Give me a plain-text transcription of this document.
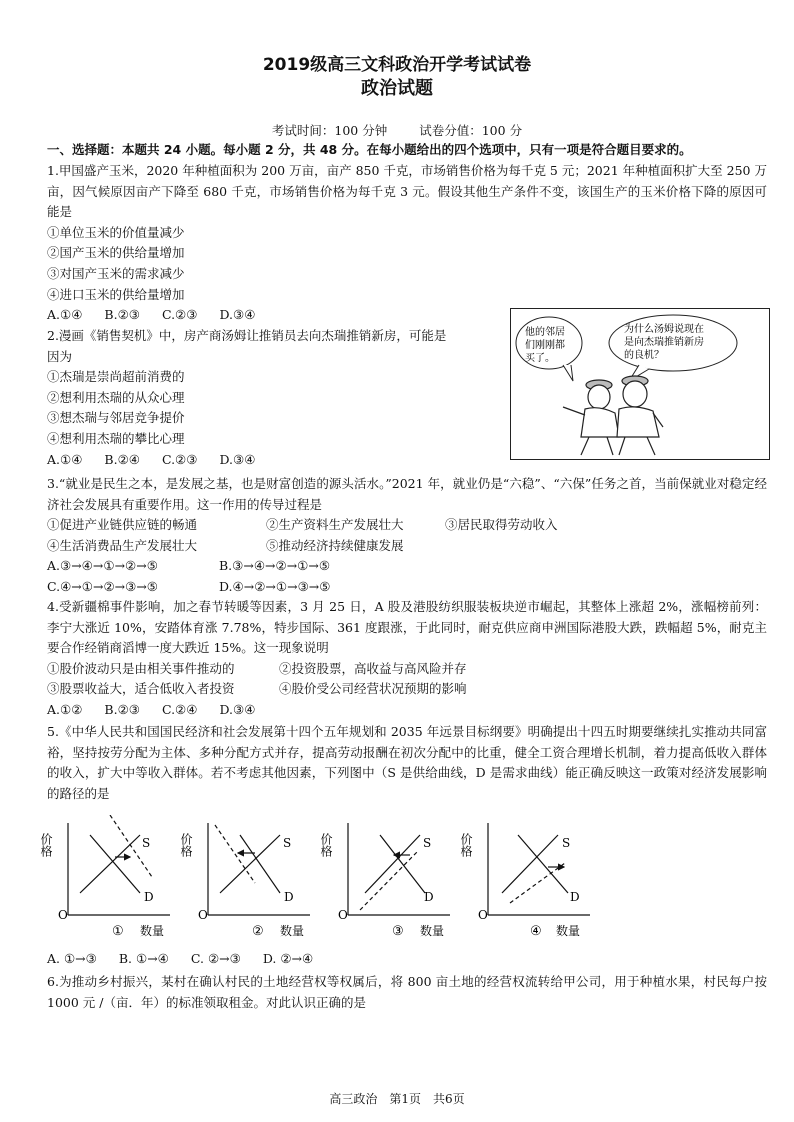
2019级高三文科政治开学考试试卷
政治试题
考试时间：100 分钟	试卷分值：100 分
一、选择题：本题共 24 小题。每小题 2 分，共 48 分。在每小题给出的四个选项中，只有一项是符合题目要求的。
1.甲国盛产玉米，2020 年种植面积为 200 万亩，亩产 850 千克，市场销售价格为每千克 5 元；2021 年种植面积扩大至 250 万亩，因气候原因亩产下降至 680 千克，市场销售价格为每千克 3 元。假设其他生产条件不变，该国生产的玉米价格下降的原因可能是
①单位玉米的价值量减少
②国产玉米的供给量增加
③对国产玉米的需求减少
④进口玉米的供给量增加
A.①④ B.②③ C.②③ D.③④
2.漫画《销售契机》中，房产商汤姆让推销员去向杰瑞推销新房，可能是
因为
①杰瑞是崇尚超前消费的
②想利用杰瑞的从众心理
③想杰瑞与邻居竞争提价
④想利用杰瑞的攀比心理
A.①④ B.②④ C.②③ D.③④
他的邻居
们刚刚都
买了。
为什么汤姆说现在
是向杰瑞推销新房
的良机？
3.“就业是民生之本，是发展之基，也是财富创造的源头活水。”2021 年，就业仍是“六稳”、“六保”任务之首，当前保就业对稳定经济社会发展具有重要作用。这一作用的传导过程是
①促进产业链供应链的畅通	②生产资料生产发展壮大	③居民取得劳动收入
④生活消费品生产发展壮大	⑤推动经济持续健康发展
A.③→④→①→②→⑤	B.③→④→②→①→⑤
C.④→①→②→③→⑤	D.④→②→①→③→⑤
4.受新疆棉事件影响，加之春节转暖等因素，3 月 25 日，A 股及港股纺织服装板块逆市崛起，其整体上涨超 2%，涨幅榜前列：李宁大涨近 10%，安踏体育涨 7.78%，特步国际、361 度跟涨，于此同时，耐克供应商申洲国际港股大跌，跌幅超 5%，耐克主要合作经销商滔博一度大跌近 15%。这一现象说明
①股价波动只是由相关事件推动的	②投资股票，高收益与高风险并存
③股票收益大，适合低收入者投资	④股价受公司经营状况预期的影响
A.①② B.②③ C.②④ D.③④
5.《中华人民共和国国民经济和社会发展第十四个五年规划和 2035 年远景目标纲要》明确提出十四五时期要继续扎实推动共同富裕，坚持按劳分配为主体、多种分配方式并存，提高劳动报酬在初次分配中的比重，健全工资合理增长机制，着力提高低收入群体的收入，扩大中等收入群体。若不考虑其他因素，下列图中（S 是供给曲线，D 是需求曲线）能正确反映这一政策对经济发展影响的路径的是
价格
O
S
D
① 数量
价格
O
S
D
② 数量
价格
O
S
D
③ 数量
价格
O
S
D
④ 数量
A. ①→③ B. ①→④ C. ②→③ D. ②→④
6.为推动乡村振兴，某村在确认村民的土地经营权等权属后，将 800 亩土地的经营权流转给甲公司，用于种植水果，村民每户按 1000 元 /（亩．年）的标准领取租金。对此认识正确的是
高三政治　第1页　共6页
